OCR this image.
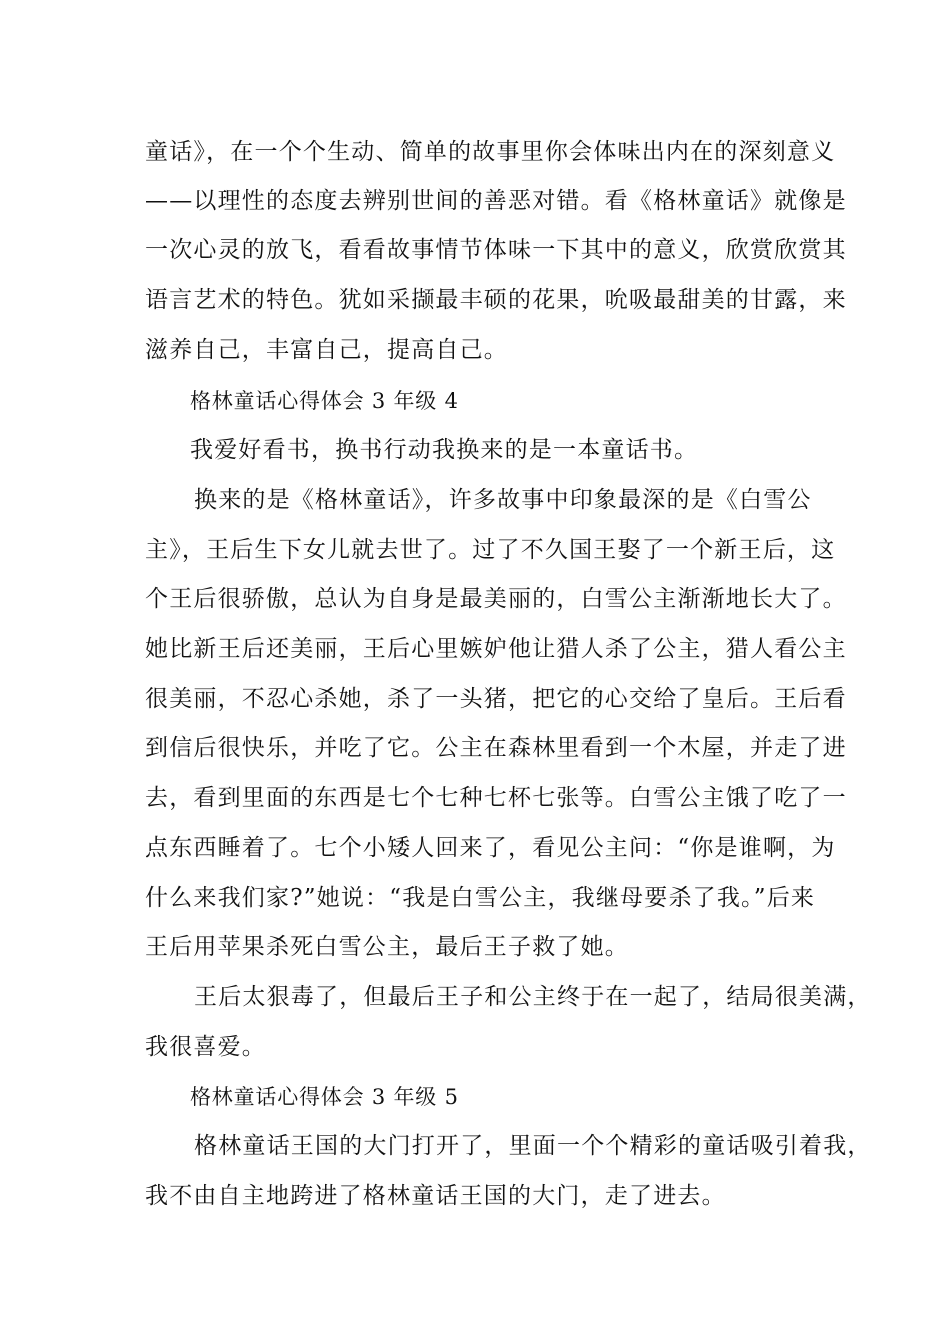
童话》，在一个个生动、简单的故事里你会体味出内在的深刻意义
——以理性的态度去辨别世间的善恶对错。看《格林童话》就像是
一次心灵的放飞，看看故事情节体味一下其中的意义，欣赏欣赏其
语言艺术的特色。犹如采撷最丰硕的花果，吮吸最甜美的甘露，来
滋养自己，丰富自己，提高自己。
格林童话心得体会 3 年级 4
我爱好看书，换书行动我换来的是一本童话书。
换来的是《格林童话》，许多故事中印象最深的是《白雪公
主》，王后生下女儿就去世了。过了不久国王娶了一个新王后，这
个王后很骄傲，总认为自身是最美丽的，白雪公主渐渐地长大了。
她比新王后还美丽，王后心里嫉妒他让猎人杀了公主，猎人看公主
很美丽，不忍心杀她，杀了一头猪，把它的心交给了皇后。王后看
到信后很快乐，并吃了它。公主在森林里看到一个木屋，并走了进
去，看到里面的东西是七个七种七杯七张等。白雪公主饿了吃了一
点东西睡着了。七个小矮人回来了，看见公主问：“你是谁啊，为
什么来我们家?”她说：“我是白雪公主，我继母要杀了我。”后来
王后用苹果杀死白雪公主，最后王子救了她。
王后太狠毒了，但最后王子和公主终于在一起了，结局很美满，
我很喜爱。
格林童话心得体会 3 年级 5
格林童话王国的大门打开了，里面一个个精彩的童话吸引着我，
我不由自主地跨进了格林童话王国的大门，走了进去。
